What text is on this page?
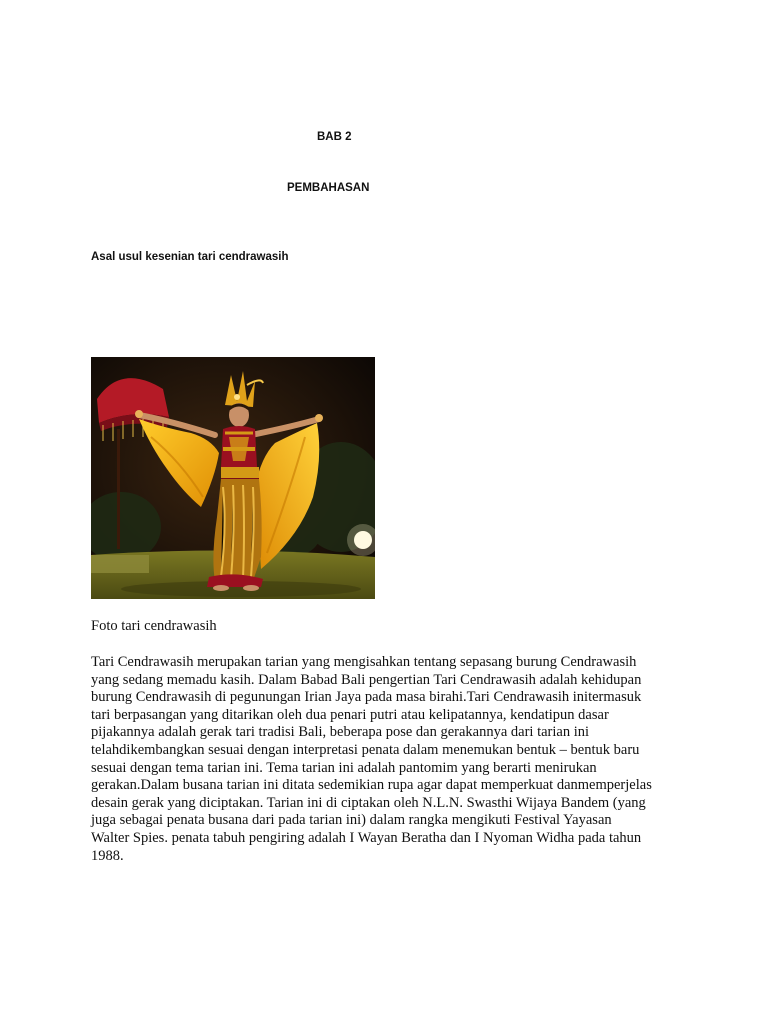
BAB 2
PEMBAHASAN
Asal usul kesenian tari cendrawasih
Foto tari cendrawasih
Tari Cendrawasih merupakan tarian yang mengisahkan tentang sepasang burung Cendrawasih
yang sedang memadu kasih. Dalam Babad Bali pengertian Tari Cendrawasih adalah kehidupan
burung Cendrawasih di pegunungan Irian Jaya pada masa birahi.Tari Cendrawasih initermasuk
tari berpasangan yang ditarikan oleh dua penari putri atau kelipatannya, kendatipun dasar
pijakannya adalah gerak tari tradisi Bali, beberapa pose dan gerakannya dari tarian ini
telahdikembangkan sesuai dengan interpretasi penata dalam menemukan bentuk – bentuk baru
sesuai dengan tema tarian ini. Tema tarian ini adalah pantomim yang berarti menirukan
gerakan.Dalam busana tarian ini ditata sedemikian rupa agar dapat memperkuat danmemperjelas
desain gerak yang diciptakan. Tarian ini di ciptakan oleh N.L.N. Swasthi Wijaya Bandem (yang
juga sebagai penata busana dari pada tarian ini) dalam rangka mengikuti Festival Yayasan
Walter Spies. penata tabuh pengiring adalah I Wayan Beratha dan I Nyoman Widha pada tahun
1988.
